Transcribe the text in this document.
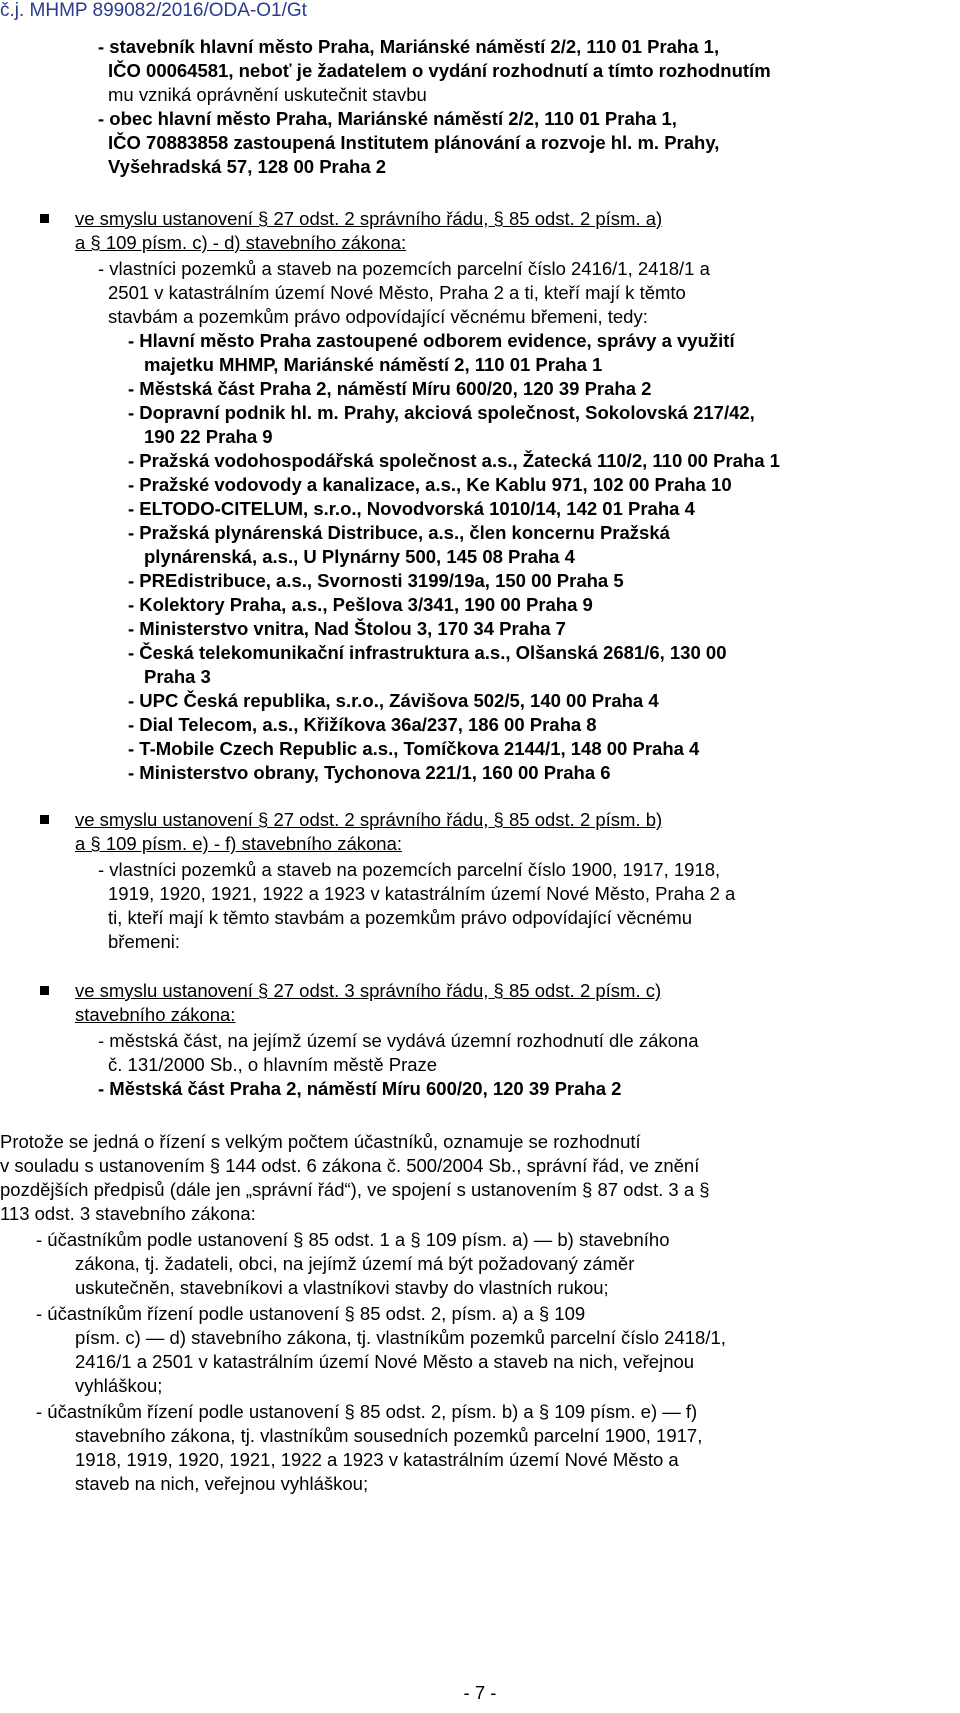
č.j. MHMP 899082/2016/ODA-O1/Gt
- stavebník hlavní město Praha, Mariánské náměstí 2/2, 110 01 Praha 1,
IČO 00064581, neboť je žadatelem o vydání rozhodnutí a tímto rozhodnutím
mu vzniká oprávnění uskutečnit stavbu
- obec hlavní město Praha, Mariánské náměstí 2/2, 110 01 Praha 1,
IČO 70883858 zastoupená Institutem plánování a rozvoje hl. m. Prahy,
Vyšehradská 57, 128 00 Praha 2
ve smyslu ustanovení § 27 odst. 2 správního řádu, § 85 odst. 2 písm. a)
a § 109 písm. c) - d) stavebního zákona:
- vlastníci pozemků a staveb na pozemcích parcelní číslo 2416/1, 2418/1 a
2501 v katastrálním území Nové Město, Praha 2 a ti, kteří mají k těmto
stavbám a pozemkům právo odpovídající věcnému břemeni, tedy:
- Hlavní město Praha zastoupené odborem evidence, správy a využití
majetku MHMP, Mariánské náměstí 2, 110 01 Praha 1
- Městská část Praha 2, náměstí Míru 600/20, 120 39 Praha 2
- Dopravní podnik hl. m. Prahy, akciová společnost, Sokolovská 217/42,
190 22 Praha 9
- Pražská vodohospodářská společnost a.s., Žatecká 110/2, 110 00 Praha 1
- Pražské vodovody a kanalizace, a.s., Ke Kablu 971, 102 00 Praha 10
- ELTODO-CITELUM, s.r.o., Novodvorská 1010/14, 142 01 Praha 4
- Pražská plynárenská Distribuce, a.s., člen koncernu Pražská
plynárenská, a.s., U Plynárny 500, 145 08 Praha 4
- PREdistribuce, a.s., Svornosti 3199/19a, 150 00 Praha 5
- Kolektory Praha, a.s., Pešlova 3/341, 190 00 Praha 9
- Ministerstvo vnitra, Nad Štolou 3, 170 34 Praha 7
- Česká telekomunikační infrastruktura a.s., Olšanská 2681/6, 130 00
Praha 3
- UPC Česká republika, s.r.o., Závišova 502/5, 140 00 Praha 4
- Dial Telecom, a.s., Křižíkova 36a/237, 186 00 Praha 8
- T-Mobile Czech Republic a.s., Tomíčkova 2144/1, 148 00 Praha 4
- Ministerstvo obrany, Tychonova 221/1, 160 00 Praha 6
ve smyslu ustanovení § 27 odst. 2 správního řádu, § 85 odst. 2 písm. b)
a § 109 písm. e) - f) stavebního zákona:
- vlastníci pozemků a staveb na pozemcích parcelní číslo 1900, 1917, 1918,
1919, 1920, 1921, 1922 a 1923 v katastrálním území Nové Město, Praha 2 a
ti, kteří mají k těmto stavbám a pozemkům právo odpovídající věcnému
břemeni:
ve smyslu ustanovení § 27 odst. 3 správního řádu, § 85 odst. 2 písm. c)
stavebního zákona:
- městská část, na jejímž území se vydává územní rozhodnutí dle zákona
č. 131/2000 Sb., o hlavním městě Praze
- Městská část Praha 2, náměstí Míru 600/20, 120 39 Praha 2
Protože se jedná o řízení s velkým počtem účastníků, oznamuje se rozhodnutí
v souladu s ustanovením § 144 odst. 6 zákona č. 500/2004 Sb., správní řád, ve znění
pozdějších předpisů (dále jen „správní řád“), ve spojení s ustanovením § 87 odst. 3 a §
113 odst. 3 stavebního zákona:
- účastníkům podle ustanovení § 85 odst. 1 a § 109 písm. a) — b) stavebního
zákona, tj. žadateli, obci, na jejímž území má být požadovaný záměr
uskutečněn, stavebníkovi a vlastníkovi stavby do vlastních rukou;
- účastníkům řízení podle ustanovení § 85 odst. 2, písm. a) a § 109
písm. c) — d) stavebního zákona, tj. vlastníkům pozemků parcelní číslo 2418/1,
2416/1 a 2501 v katastrálním území Nové Město a staveb na nich, veřejnou
vyhláškou;
- účastníkům řízení podle ustanovení § 85 odst. 2, písm. b) a § 109 písm. e) — f)
stavebního zákona, tj. vlastníkům sousedních pozemků parcelní 1900, 1917,
1918, 1919, 1920, 1921, 1922 a 1923 v katastrálním území Nové Město a
staveb na nich, veřejnou vyhláškou;
- 7 -
